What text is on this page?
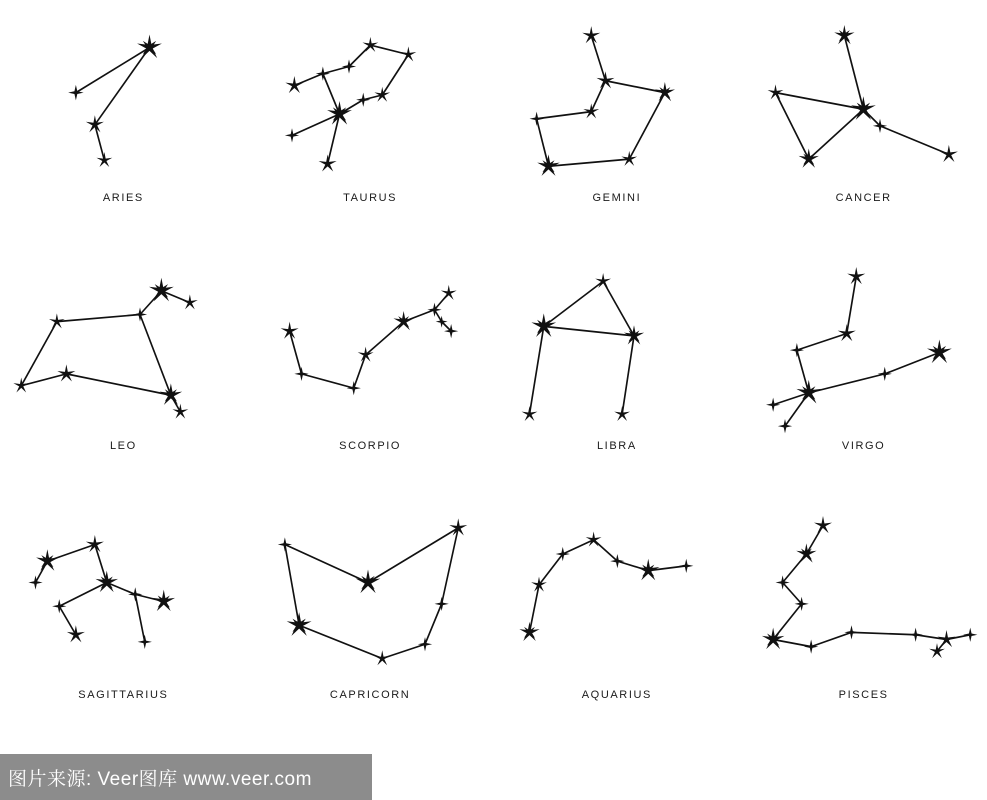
ARIES	TAURUS	GEMINI	CANCER
LEO	SCORPIO	LIBRA	VIRGO
SAGITTARIUS	CAPRICORN	AQUARIUS	PISCES
图片来源: Veer图库 www.veer.com
